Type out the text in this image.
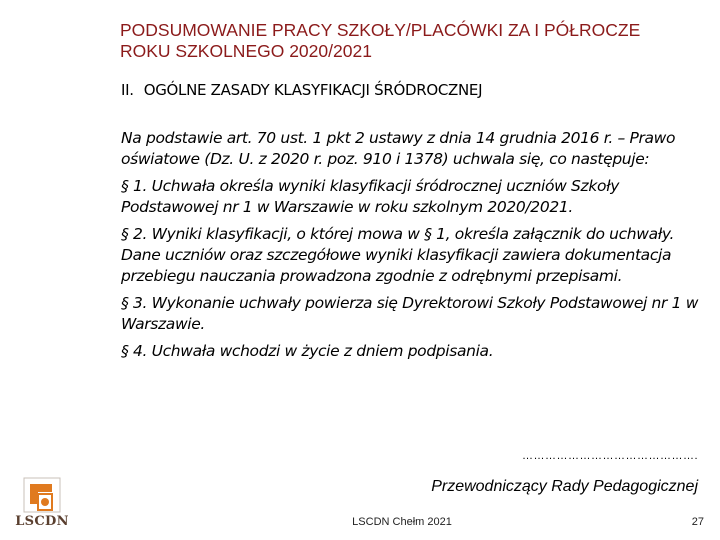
PODSUMOWANIE PRACY SZKOŁY/PLACÓWKI ZA I PÓŁROCZE ROKU SZKOLNEGO 2020/2021
II. OGÓLNE ZASADY KLASYFIKACJI ŚRÓDROCZNEJ

Na podstawie art. 70 ust. 1 pkt 2 ustawy z dnia 14 grudnia 2016 r. – Prawo oświatowe (Dz. U. z 2020 r. poz. 910 i 1378) uchwala się, co następuje:

§ 1. Uchwała określa wyniki klasyfikacji śródrocznej uczniów Szkoły Podstawowej nr 1 w Warszawie w roku szkolnym 2020/2021.

§ 2. Wyniki klasyfikacji, o której mowa w § 1, określa załącznik do uchwały. Dane uczniów oraz szczegółowe wyniki klasyfikacji zawiera dokumentacja przebiegu nauczania prowadzona zgodnie z odrębnymi przepisami.

§ 3. Wykonanie uchwały powierza się Dyrektorowi Szkoły Podstawowej nr 1 w Warszawie.

§ 4. Uchwała wchodzi w życie z dniem podpisania.

……………………………………….
Przewodniczący Rady Pedagogicznej
LSCDN	LSCDN Chełm 2021	27
